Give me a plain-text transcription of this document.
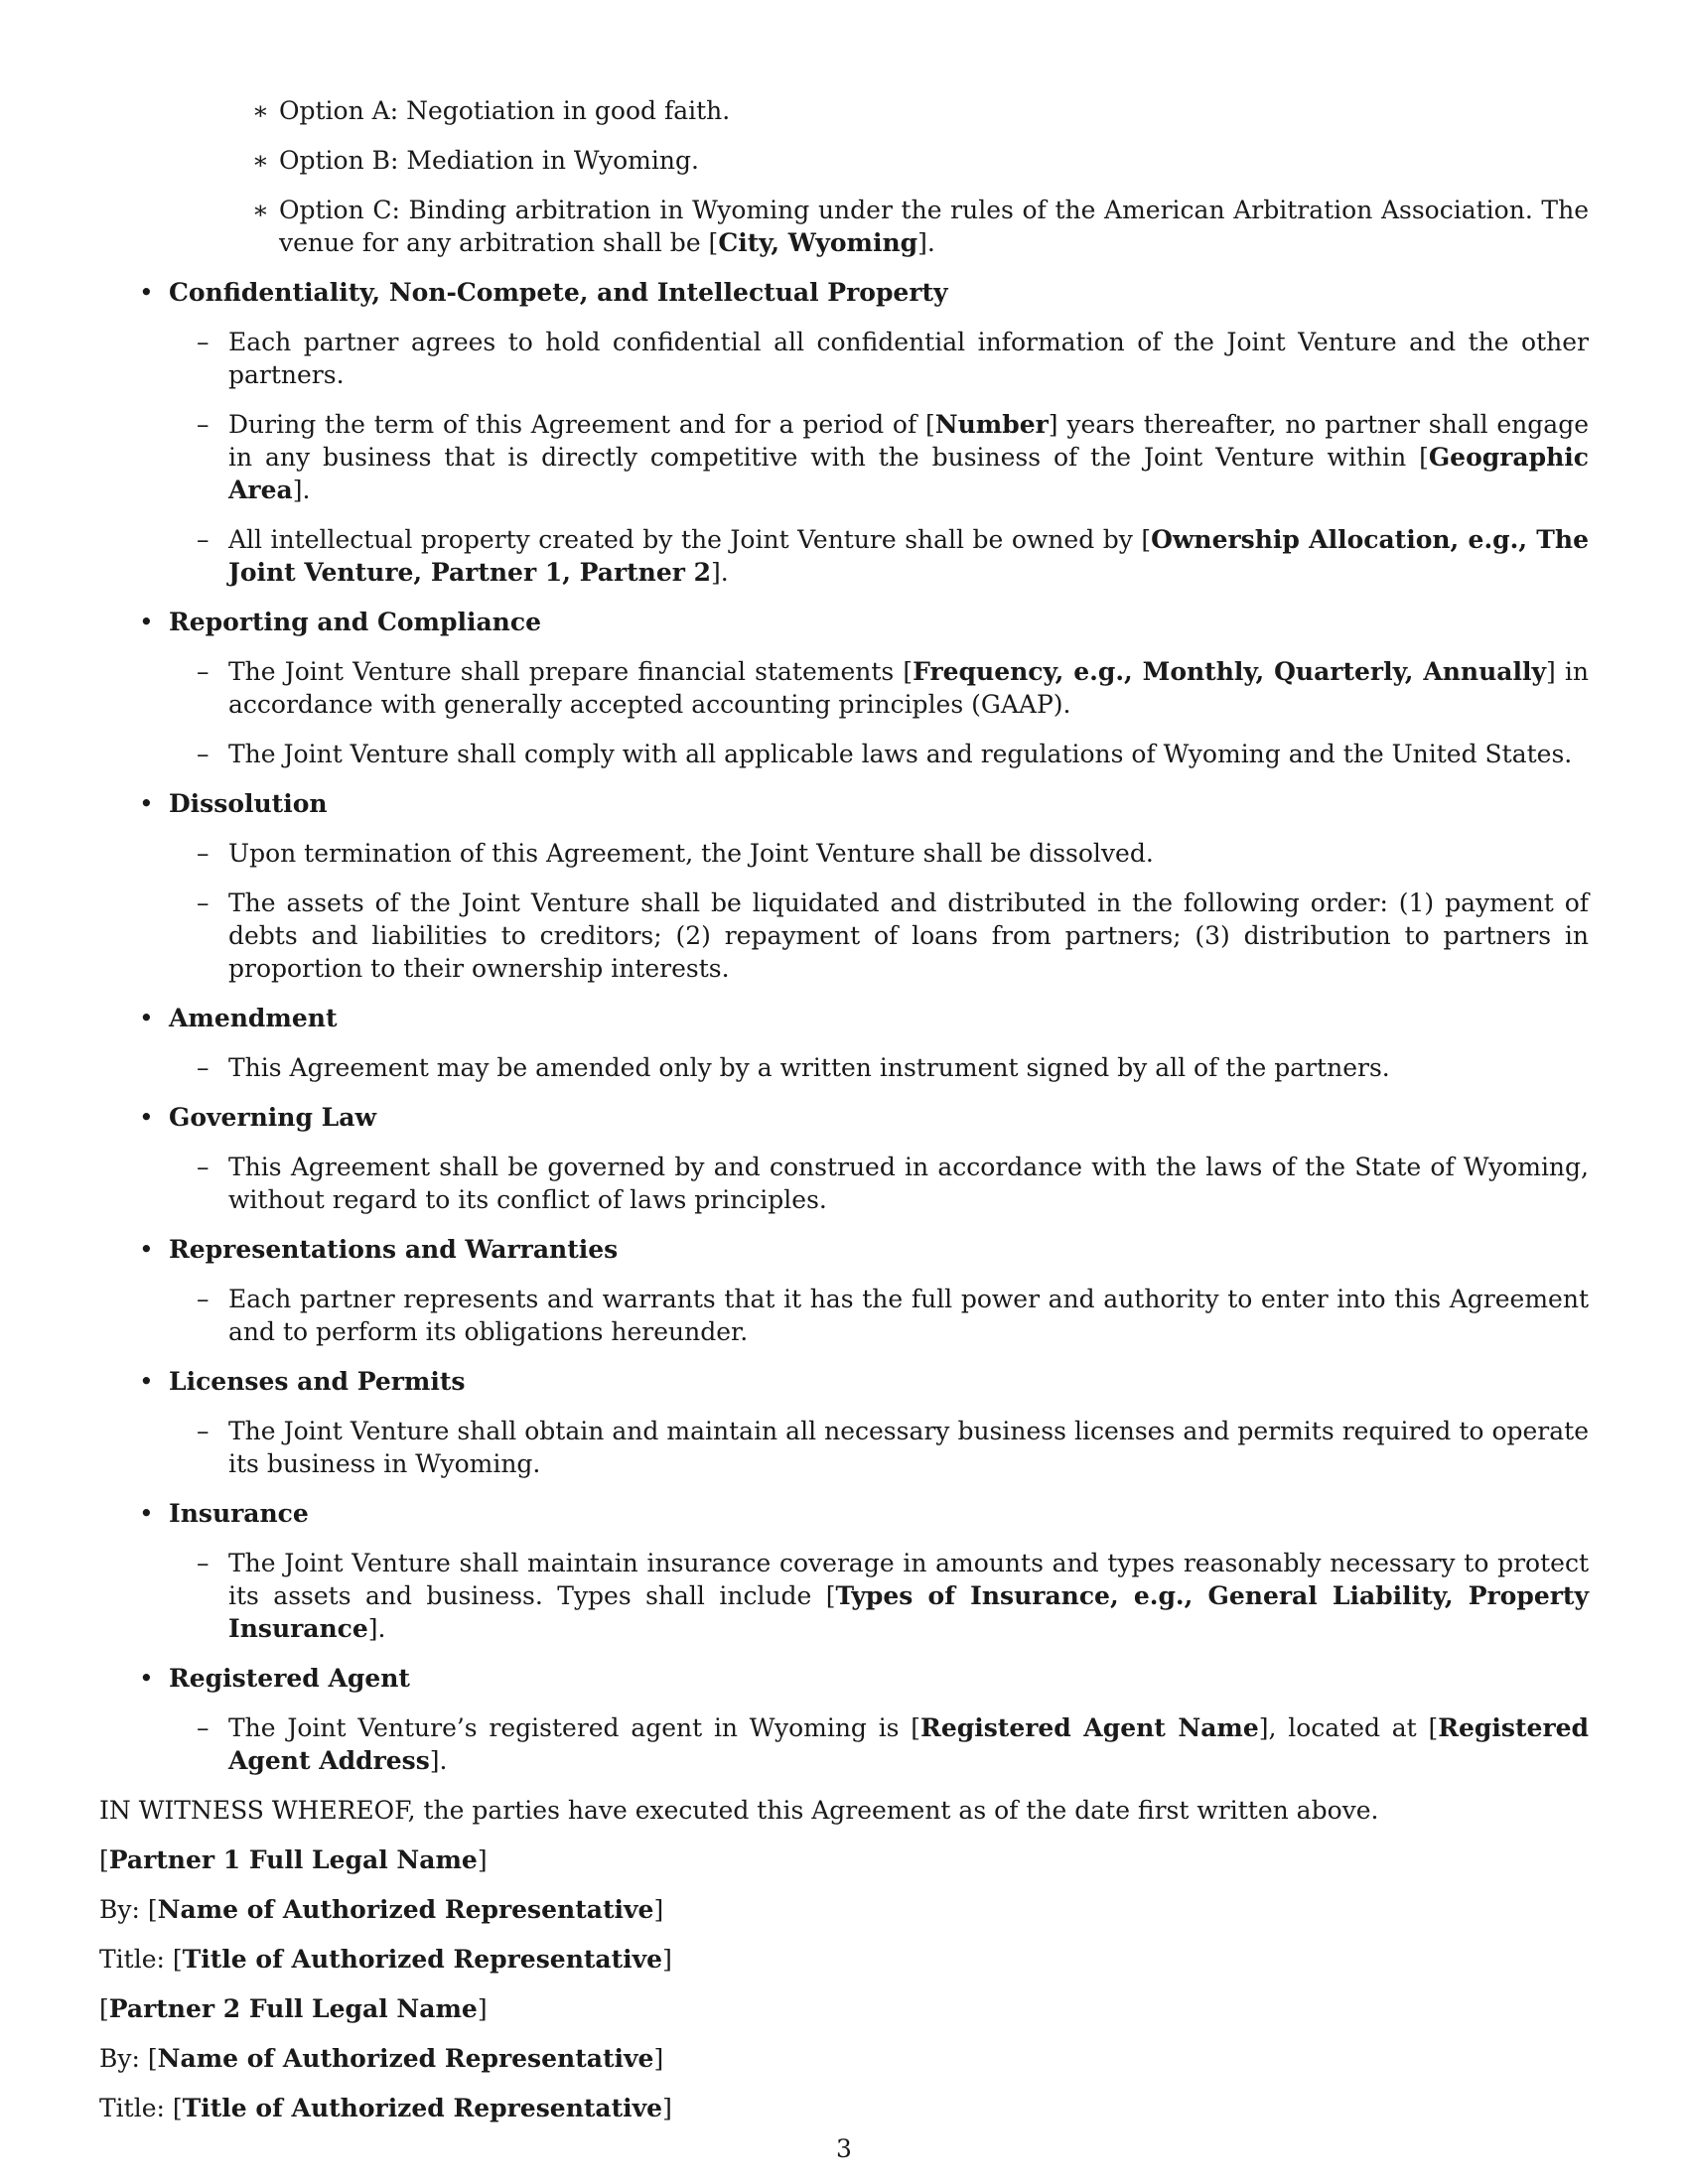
∗ Option A: Negotiation in good faith.
∗ Option B: Mediation in Wyoming.
∗ Option C: Binding arbitration in Wyoming under the rules of the American Arbitration Association. The venue for any arbitration shall be [City, Wyoming].
• Confidentiality, Non-Compete, and Intellectual Property
– Each partner agrees to hold confidential all confidential information of the Joint Venture and the other partners.
– During the term of this Agreement and for a period of [Number] years thereafter, no partner shall engage in any business that is directly competitive with the business of the Joint Venture within [Geographic Area].
– All intellectual property created by the Joint Venture shall be owned by [Ownership Allocation, e.g., The Joint Venture, Partner 1, Partner 2].
• Reporting and Compliance
– The Joint Venture shall prepare financial statements [Frequency, e.g., Monthly, Quarterly, Annually] in accordance with generally accepted accounting principles (GAAP).
– The Joint Venture shall comply with all applicable laws and regulations of Wyoming and the United States.
• Dissolution
– Upon termination of this Agreement, the Joint Venture shall be dissolved.
– The assets of the Joint Venture shall be liquidated and distributed in the following order: (1) payment of debts and liabilities to creditors; (2) repayment of loans from partners; (3) distribution to partners in proportion to their ownership interests.
• Amendment
– This Agreement may be amended only by a written instrument signed by all of the partners.
• Governing Law
– This Agreement shall be governed by and construed in accordance with the laws of the State of Wyoming, without regard to its conflict of laws principles.
• Representations and Warranties
– Each partner represents and warrants that it has the full power and authority to enter into this Agreement and to perform its obligations hereunder.
• Licenses and Permits
– The Joint Venture shall obtain and maintain all necessary business licenses and permits required to operate its business in Wyoming.
• Insurance
– The Joint Venture shall maintain insurance coverage in amounts and types reasonably necessary to protect its assets and business. Types shall include [Types of Insurance, e.g., General Liability, Property Insurance].
• Registered Agent
– The Joint Venture’s registered agent in Wyoming is [Registered Agent Name], located at [Registered Agent Address].
IN WITNESS WHEREOF, the parties have executed this Agreement as of the date first written above.
[Partner 1 Full Legal Name]
By: [Name of Authorized Representative]
Title: [Title of Authorized Representative]
[Partner 2 Full Legal Name]
By: [Name of Authorized Representative]
Title: [Title of Authorized Representative]
3
